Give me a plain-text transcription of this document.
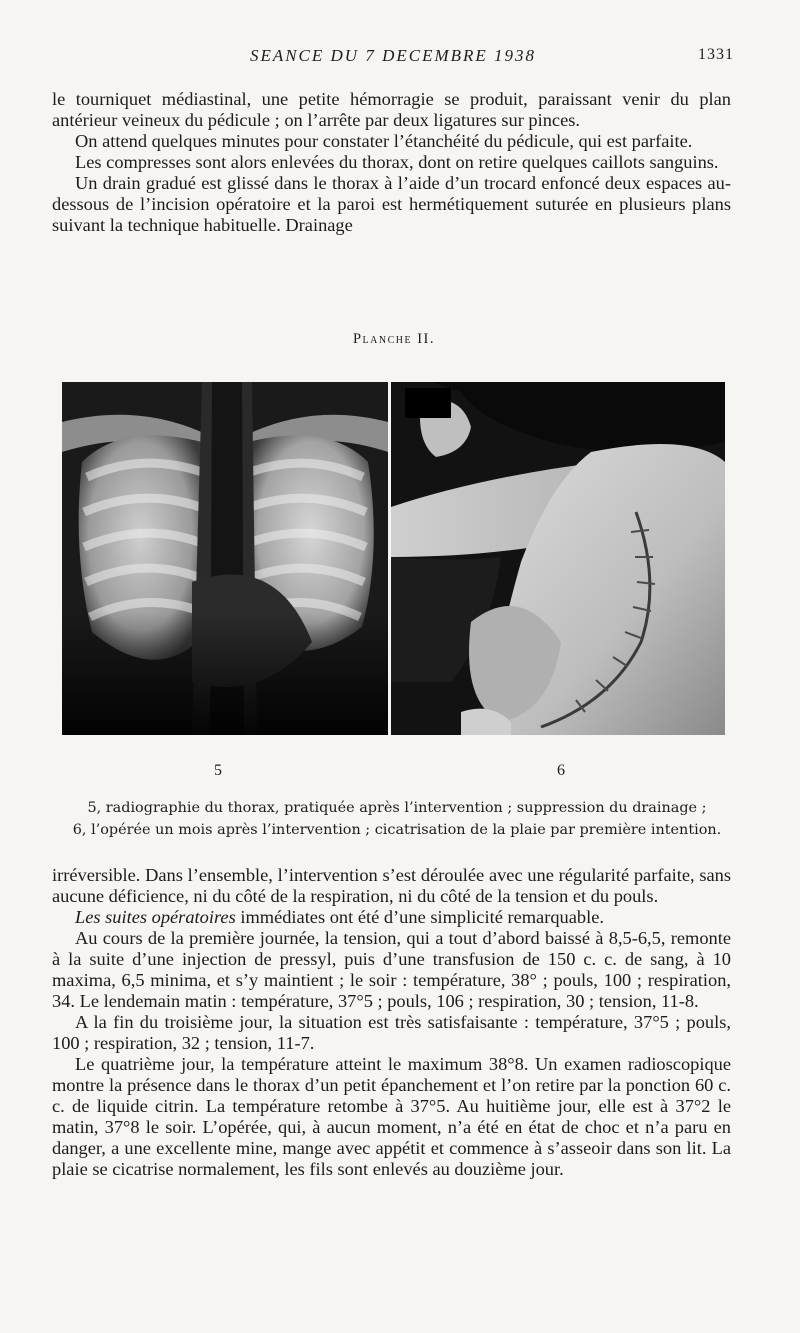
SEANCE DU 7 DECEMBRE 1938	1331

le tourniquet médiastinal, une petite hémorragie se produit, paraissant venir du plan antérieur veineux du pédicule ; on l’arrête par deux ligatures sur pinces.

On attend quelques minutes pour constater l’étanchéité du pédicule, qui est parfaite.

Les compresses sont alors enlevées du thorax, dont on retire quelques caillots sanguins.

Un drain gradué est glissé dans le thorax à l’aide d’un trocard enfoncé deux espaces au-dessous de l’incision opératoire et la paroi est hermétiquement suturée en plusieurs plans suivant la technique habituelle. Drainage

Planche II.
5	6

5, radiographie du thorax, pratiquée après l’intervention ; suppression du drainage ;

6, l’opérée un mois après l’intervention ; cicatrisation de la plaie par première intention.

irréversible. Dans l’ensemble, l’intervention s’est déroulée avec une régularité parfaite, sans aucune déficience, ni du côté de la respiration, ni du côté de la tension et du pouls.

Les suites opératoires immédiates ont été d’une simplicité remarquable.

Au cours de la première journée, la tension, qui a tout d’abord baissé à 8,5-6,5, remonte à la suite d’une injection de pressyl, puis d’une transfusion de 150 c. c. de sang, à 10 maxima, 6,5 minima, et s’y maintient ; le soir : température, 38° ; pouls, 100 ; respiration, 34. Le lendemain matin : température, 37°5 ; pouls, 106 ; respiration, 30 ; tension, 11-8.

A la fin du troisième jour, la situation est très satisfaisante : température, 37°5 ; pouls, 100 ; respiration, 32 ; tension, 11-7.

Le quatrième jour, la température atteint le maximum 38°8. Un examen radioscopique montre la présence dans le thorax d’un petit épanchement et l’on retire par la ponction 60 c. c. de liquide citrin. La température retombe à 37°5. Au huitième jour, elle est à 37°2 le matin, 37°8 le soir. L’opérée, qui, à aucun moment, n’a été en état de choc et n’a paru en danger, a une excellente mine, mange avec appétit et commence à s’asseoir dans son lit. La plaie se cicatrise normalement, les fils sont enlevés au douzième jour.
